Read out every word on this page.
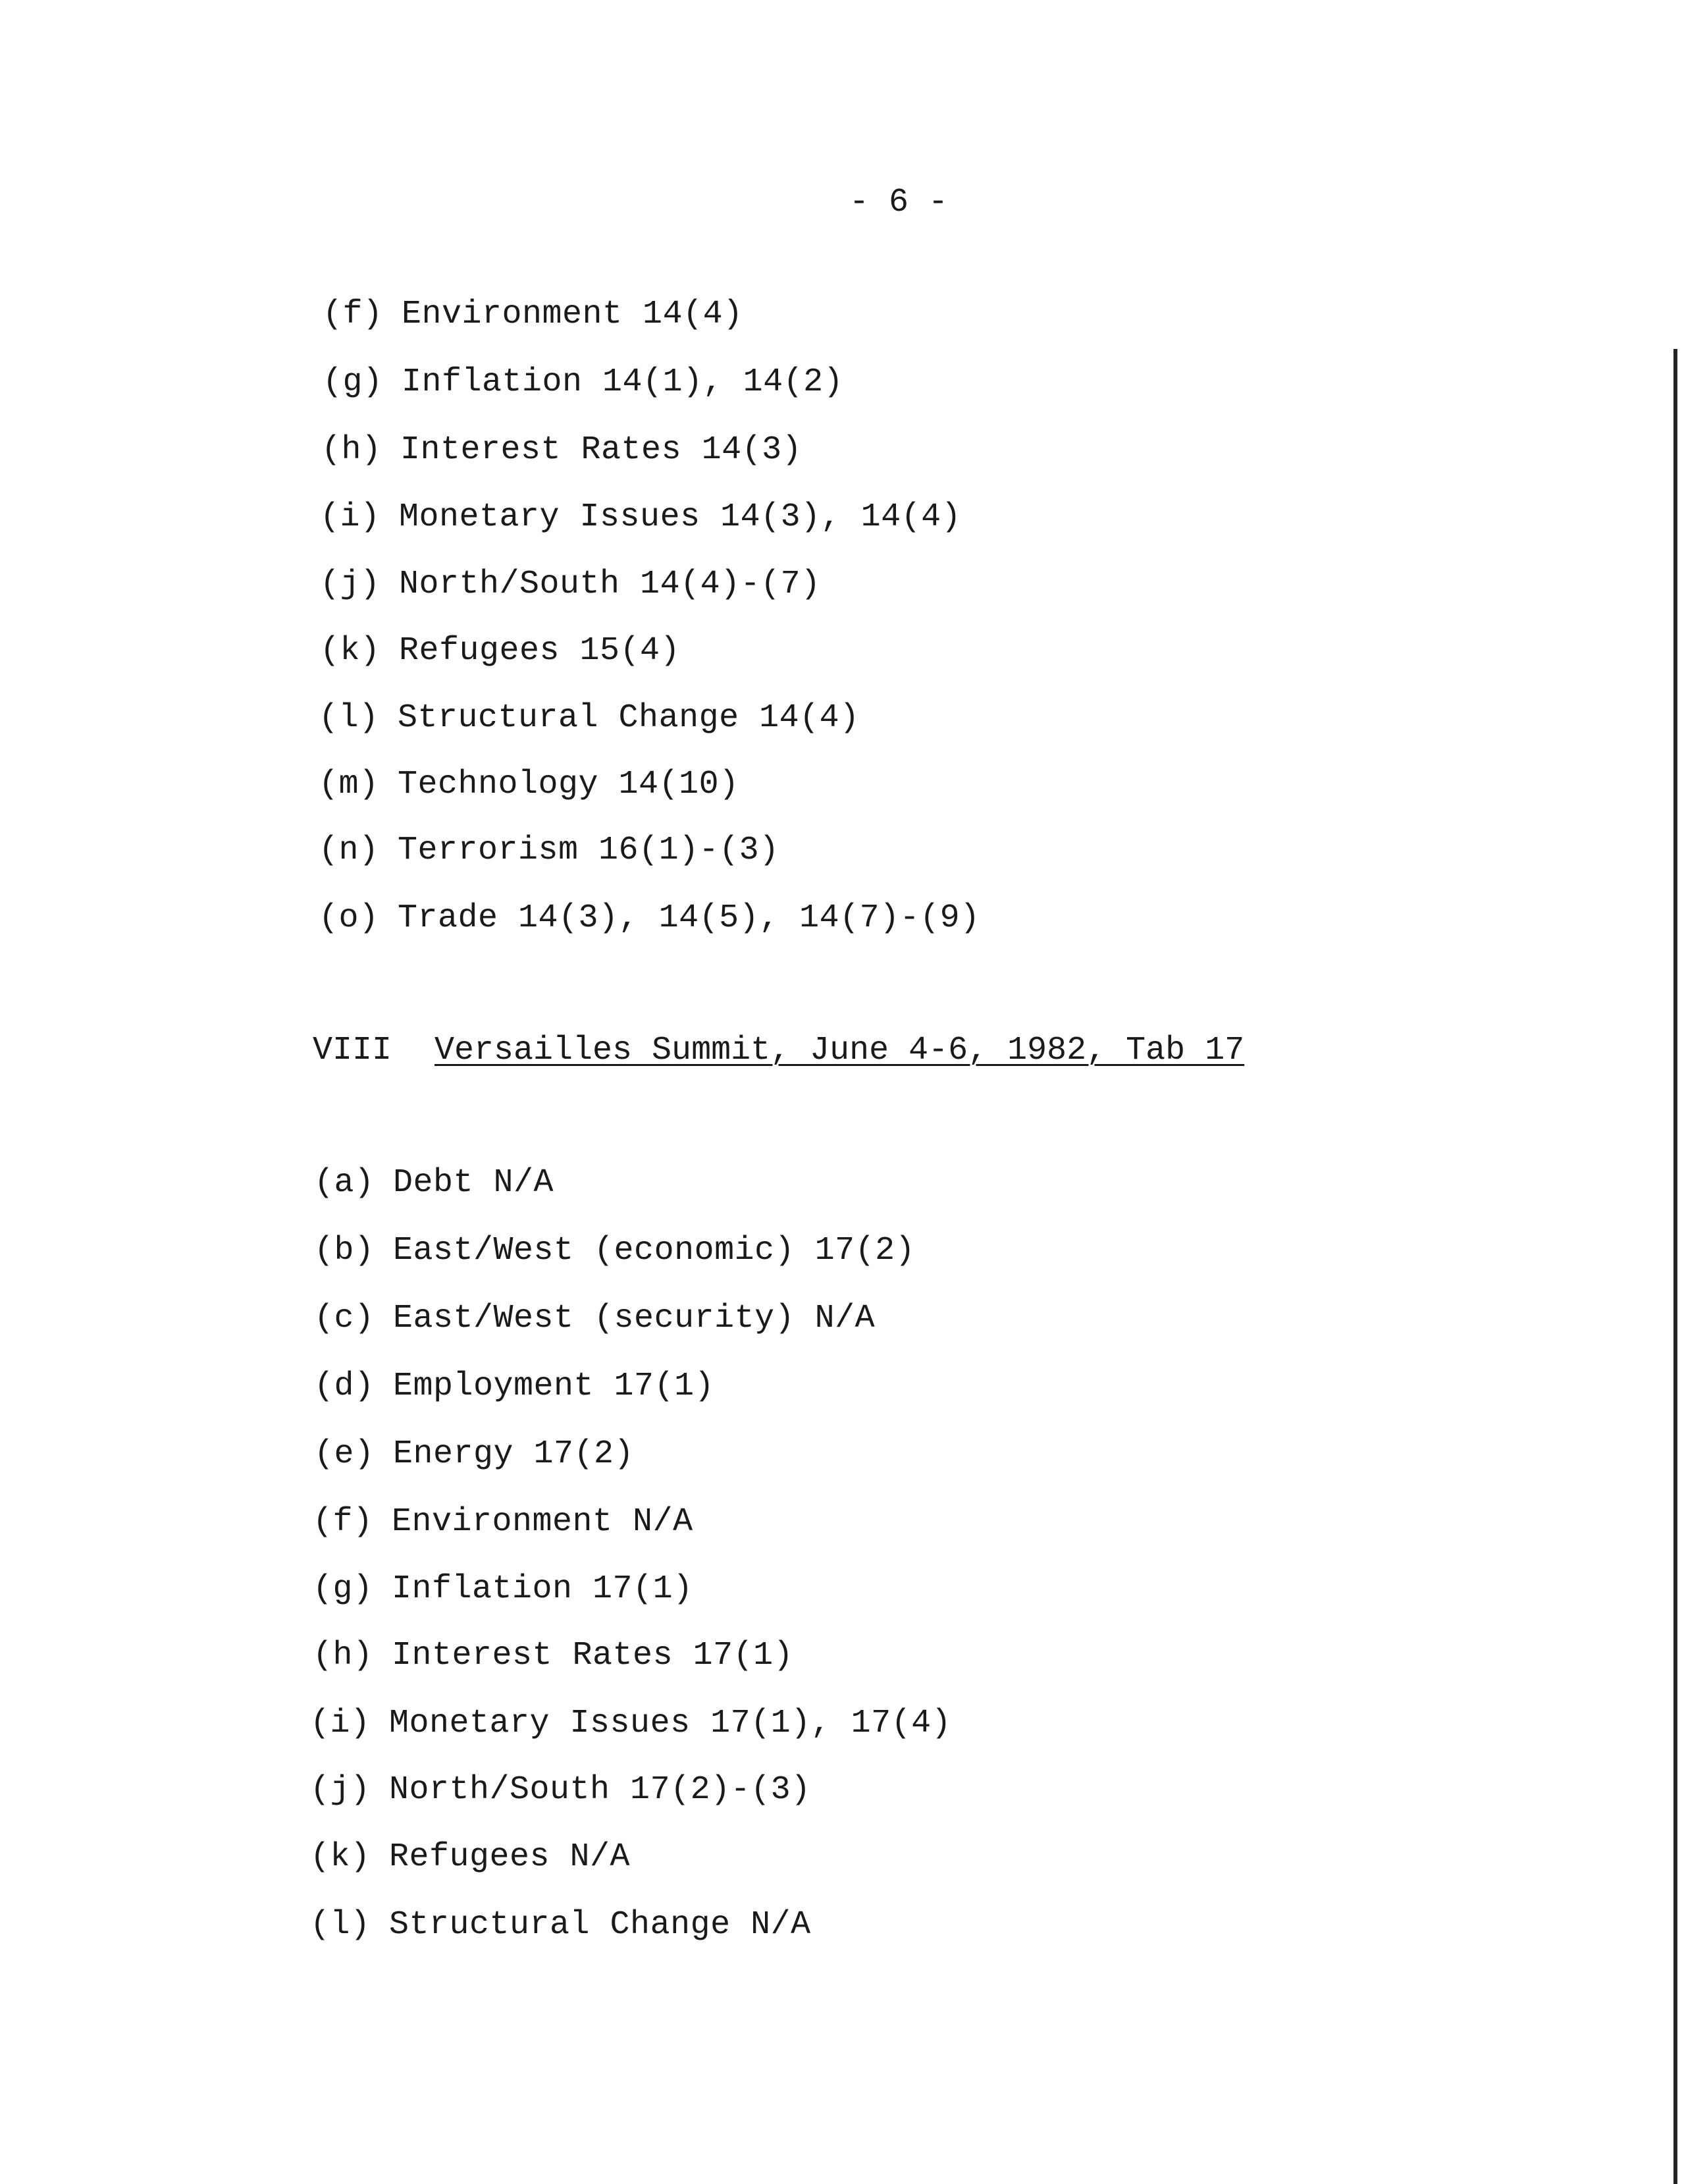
- 6 -
(f) Environment 14(4)
(g) Inflation 14(1), 14(2)
(h) Interest Rates 14(3)
(i) Monetary Issues 14(3), 14(4)
(j) North/South 14(4)-(7)
(k) Refugees 15(4)
(l) Structural Change 14(4)
(m) Technology 14(10)
(n) Terrorism 16(1)-(3)
(o) Trade 14(3), 14(5), 14(7)-(9)
VIII Versailles Summit, June 4-6, 1982, Tab 17
(a) Debt N/A
(b) East/West (economic) 17(2)
(c) East/West (security) N/A
(d) Employment 17(1)
(e) Energy 17(2)
(f) Environment N/A
(g) Inflation 17(1)
(h) Interest Rates 17(1)
(i) Monetary Issues 17(1), 17(4)
(j) North/South 17(2)-(3)
(k) Refugees N/A
(l) Structural Change N/A
